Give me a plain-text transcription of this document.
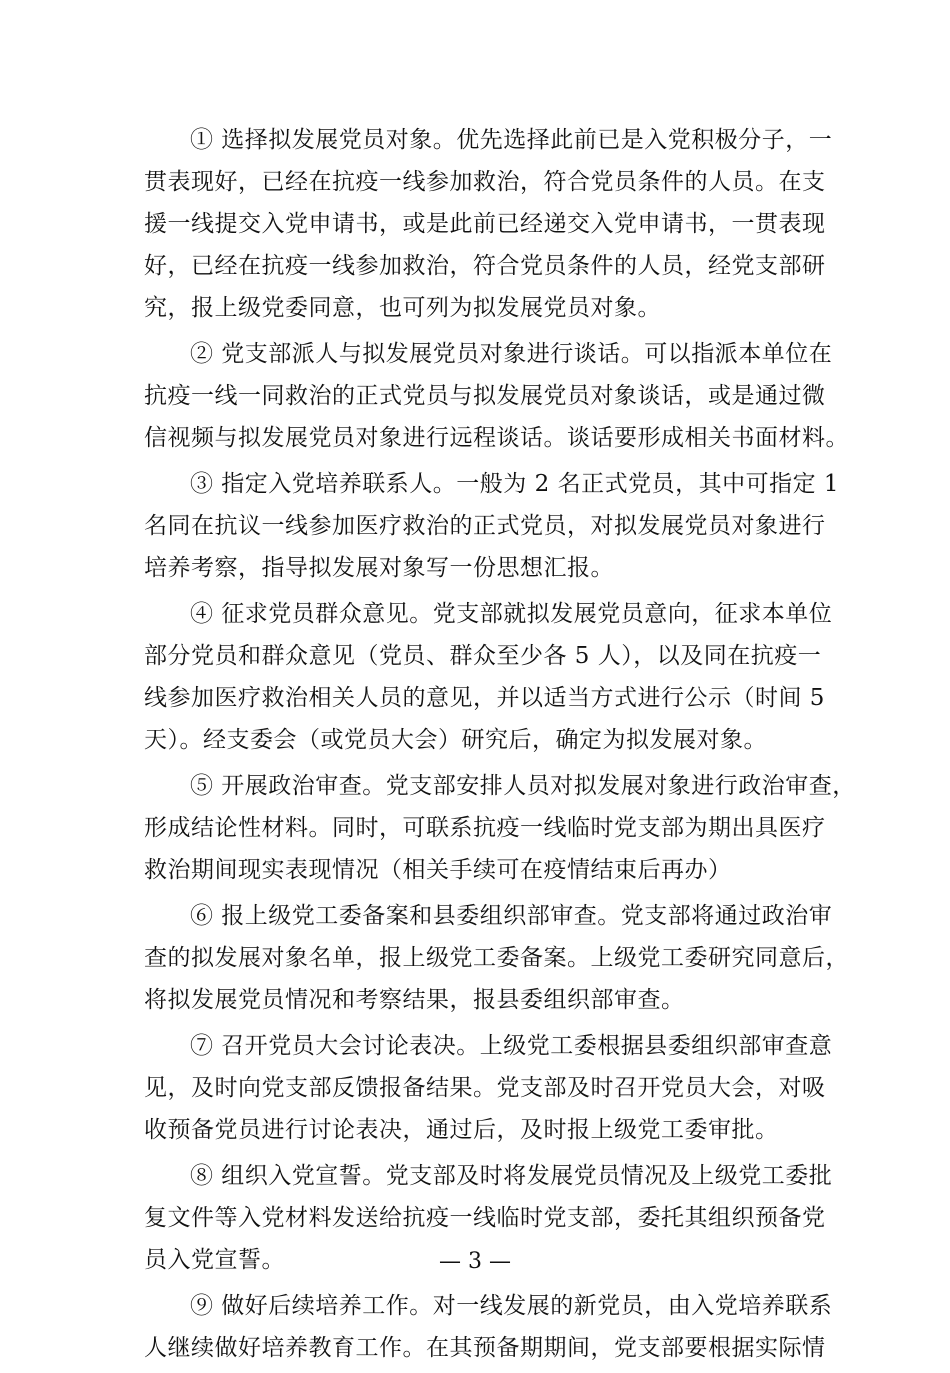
① 选择拟发展党员对象。优先选择此前已是入党积极分子，一
贯表现好，已经在抗疫一线参加救治，符合党员条件的人员。在支
援一线提交入党申请书，或是此前已经递交入党申请书，一贯表现
好，已经在抗疫一线参加救治，符合党员条件的人员，经党支部研
究，报上级党委同意，也可列为拟发展党员对象。
② 党支部派人与拟发展党员对象进行谈话。可以指派本单位在
抗疫一线一同救治的正式党员与拟发展党员对象谈话，或是通过微
信视频与拟发展党员对象进行远程谈话。谈话要形成相关书面材料。
③ 指定入党培养联系人。一般为 2 名正式党员，其中可指定 1
名同在抗议一线参加医疗救治的正式党员，对拟发展党员对象进行
培养考察，指导拟发展对象写一份思想汇报。
④ 征求党员群众意见。党支部就拟发展党员意向，征求本单位
部分党员和群众意见（党员、群众至少各 5 人），以及同在抗疫一
线参加医疗救治相关人员的意见，并以适当方式进行公示（时间 5
天）。经支委会（或党员大会）研究后，确定为拟发展对象。
⑤ 开展政治审查。党支部安排人员对拟发展对象进行政治审查，
形成结论性材料。同时，可联系抗疫一线临时党支部为期出具医疗
救治期间现实表现情况（相关手续可在疫情结束后再办）
⑥ 报上级党工委备案和县委组织部审查。党支部将通过政治审
查的拟发展对象名单，报上级党工委备案。上级党工委研究同意后，
将拟发展党员情况和考察结果，报县委组织部审查。
⑦ 召开党员大会讨论表决。上级党工委根据县委组织部审查意
见，及时向党支部反馈报备结果。党支部及时召开党员大会，对吸
收预备党员进行讨论表决，通过后，及时报上级党工委审批。
⑧ 组织入党宣誓。党支部及时将发展党员情况及上级党工委批
复文件等入党材料发送给抗疫一线临时党支部，委托其组织预备党
员入党宣誓。
⑨ 做好后续培养工作。对一线发展的新党员，由入党培养联系
人继续做好培养教育工作。在其预备期期间，党支部要根据实际情
— 3 —
